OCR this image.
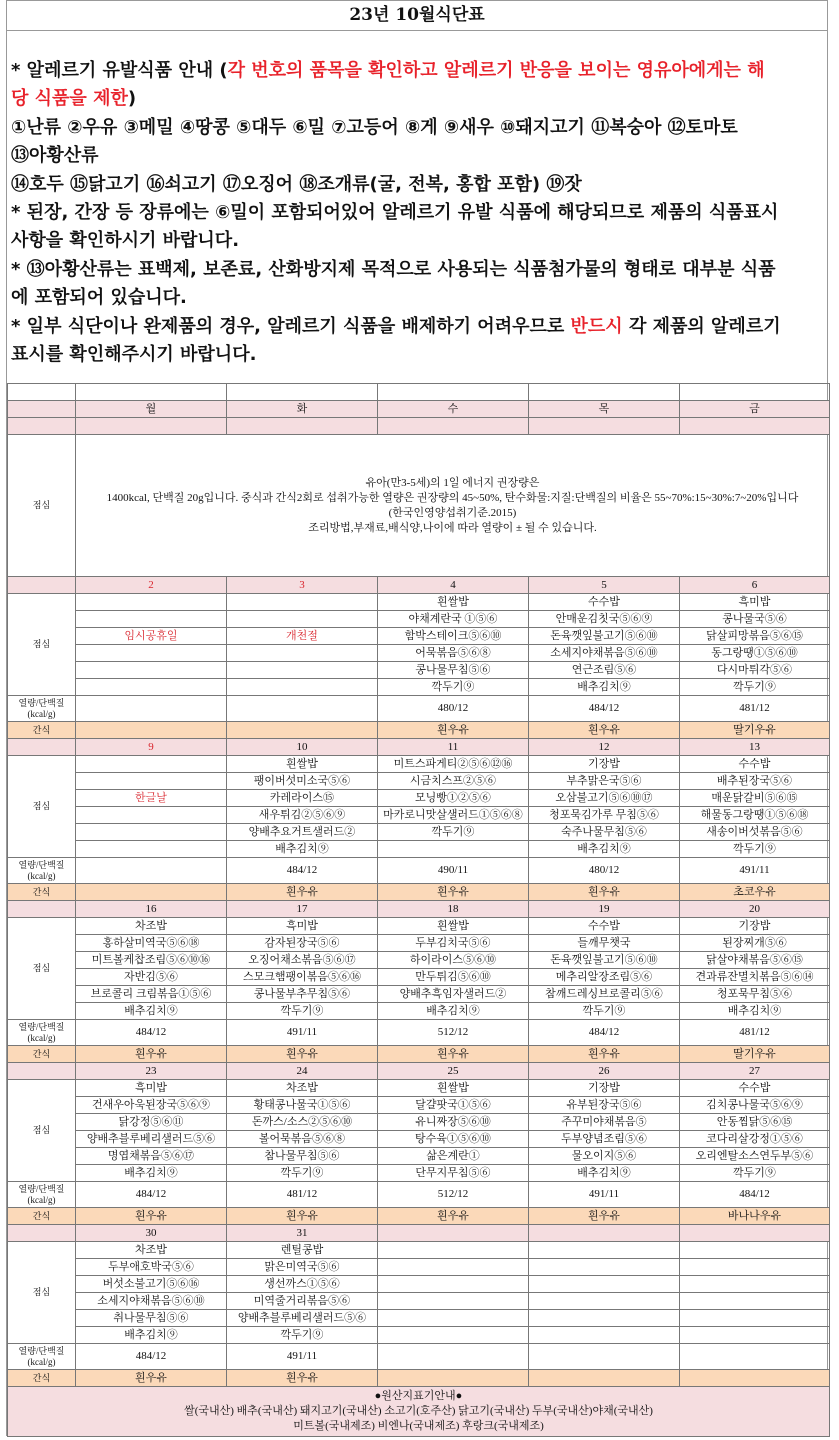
23년 10월식단표

* 알레르기 유발식품 안내 (각 번호의 품목을 확인하고 알레르기 반응을 보이는 영유아에게는 해

당 식품을 제한)

①난류 ②우유 ③메밀 ④땅콩 ⑤대두 ⑥밀 ⑦고등어 ⑧게 ⑨새우 ⑩돼지고기 ⑪복숭아 ⑫토마토

⑬아황산류

⑭호두 ⑮닭고기 ⑯쇠고기 ⑰오징어 ⑱조개류(굴, 전복, 홍합 포함) ⑲잣

* 된장, 간장 등 장류에는 ⑥밀이 포함되어있어 알레르기 유발 식품에 해당되므로 제품의 식품표시

사항을 확인하시기 바랍니다.

* ⑬아황산류는 표백제, 보존료, 산화방지제 목적으로 사용되는 식품첨가물의 형태로 대부분 식품

에 포함되어 있습니다.

* 일부 식단이나 완제품의 경우, 알레르기 식품을 배제하기 어려우므로 반드시 각 제품의 알레르기

표시를 확인해주시기 바랍니다.

	월	화	수	목	금

점심	유아(만3-5세)의 1일 에너지 권장량은
1400kcal, 단백질 20g입니다. 중식과 간식2회로 섭취가능한 열량은 권장량의 45~50%, 탄수화물:지질:단백질의 비율은 55~70%:15~30%:7~20%입니다
(한국인영양섭취기준.2015)
조리방법,부재료,배식양,나이에 따라 열량이 ± 될 수 있습니다.				

	2	3	4	5	6
점심			흰쌀밥	수수밥	흑미밥
			야채계란국 ①⑤⑥	안매운김칫국⑤⑥⑨	콩나물국⑤⑥
	임시공휴일	개천절	함박스테이크⑤⑥⑩	돈육깻잎불고기⑤⑥⑩	닭살피망볶음⑤⑥⑮
			어묵볶음⑤⑥⑧	소세지야채볶음⑤⑥⑩	동그랑땡①⑤⑥⑩
			콩나물무침⑤⑥	연근조림⑤⑥	다시마튀각⑤⑥
			깍두기⑨	배추김치⑨	깍두기⑨
열량/단백질
(kcal/g)			480/12	484/12	481/12
간식			흰우유	흰우유	딸기우유
	9	10	11	12	13
점심		흰쌀밥	미트스파게티②⑤⑥⑫⑯	기장밥	수수밥
		팽이버섯미소국⑤⑥	시금치스프②⑤⑥	부추맑은국⑤⑥	배추된장국⑤⑥
	한글날	카레라이스⑮	모닝빵①②⑤⑥	오삼불고기⑤⑥⑩⑰	매운닭갈비⑤⑥⑮
		새우튀김②⑤⑥⑨	마카로니맛살샐러드①⑤⑥⑧	청포묵김가루 무침⑤⑥	해물동그랑땡①⑤⑥⑱
		양배추요거트샐러드②	깍두기⑨	숙주나물무침⑤⑥	새송이버섯볶음⑤⑥
		배추김치⑨		배추김치⑨	깍두기⑨
열량/단백질
(kcal/g)		484/12	490/11	480/12	491/11
간식		흰우유	흰우유	흰우유	초코우유
	16	17	18	19	20
점심	차조밥	흑미밥	흰쌀밥	수수밥	기장밥
	홍하살미역국⑤⑥⑱	감자된장국⑤⑥	두부김치국⑤⑥	들깨무챗국	된장찌개⑤⑥
	미트볼케찹조림⑤⑥⑩⑯	오징어채소볶음⑤⑥⑰	하이라이스⑤⑥⑩	돈육깻잎불고기⑤⑥⑩	닭살야채볶음⑤⑥⑮
	자반김⑤⑥	스모크햄팽이볶음⑤⑥⑯	만두튀김⑤⑥⑩	메추리알장조림⑤⑥	견과류잔멸치볶음⑤⑥⑭
	브로콜리 크림볶음①⑤⑥	콩나물부추무침⑤⑥	양배추흑임자샐러드②	참깨드레싱브로콜리⑤⑥	청포묵무침⑤⑥
	배추김치⑨	깍두기⑨	배추김치⑨	깍두기⑨	배추김치⑨
열량/단백질
(kcal/g)	484/12	491/11	512/12	484/12	481/12
간식	흰우유	흰우유	흰우유	흰우유	딸기우유
	23	24	25	26	27
점심	흑미밥	차조밥	흰쌀밥	기장밥	수수밥
	건새우아욱된장국⑤⑥⑨	황태콩나물국①⑤⑥	달걀팟국①⑤⑥	유부된장국⑤⑥	김치콩나물국⑤⑥⑨
	닭강정⑤⑥⑪	돈까스/소스②⑤⑥⑩	유니짜장⑤⑥⑩	주꾸미야채볶음⑤	안동찜닭⑤⑥⑮
	양배추블루베리샐러드⑤⑥	볼어묵볶음⑤⑥⑧	탕수육①⑤⑥⑩	두부양념조림⑤⑥	코다리살강정①⑤⑥
	명엽채볶음⑤⑥⑰	참나물무침⑤⑥	삶은계란①	물오이지⑤⑥	오리엔탈소스연두부⑤⑥
	배추김치⑨	깍두기⑨	단무지무침⑤⑥	배추김치⑨	깍두기⑨
열량/단백질
(kcal/g)	484/12	481/12	512/12	491/11	484/12
간식	흰우유	흰우유	흰우유	흰우유	바나나우유
	30	31			
점심	차조밥	렌틸콩밥			
	두부애호박국⑤⑥	맑은미역국⑤⑥			
	버섯소불고기⑤⑥⑯	생선까스①⑤⑥			
	소세지야채볶음⑤⑥⑩	미역줄거리볶음⑤⑥			
	취나물무침⑤⑥	양배추블루베리샐러드⑤⑥			
	배추김치⑨	깍두기⑨			
열량/단백질
(kcal/g)	484/12	491/11			
간식	흰우유	흰우유			

●원산지표기안내●
쌀(국내산) 배추(국내산) 돼지고기(국내산) 소고기(호주산) 닭고기(국내산) 두부(국내산)야채(국내산)
미트볼(국내제조) 비엔나(국내제조) 후랑크(국내제조)					
